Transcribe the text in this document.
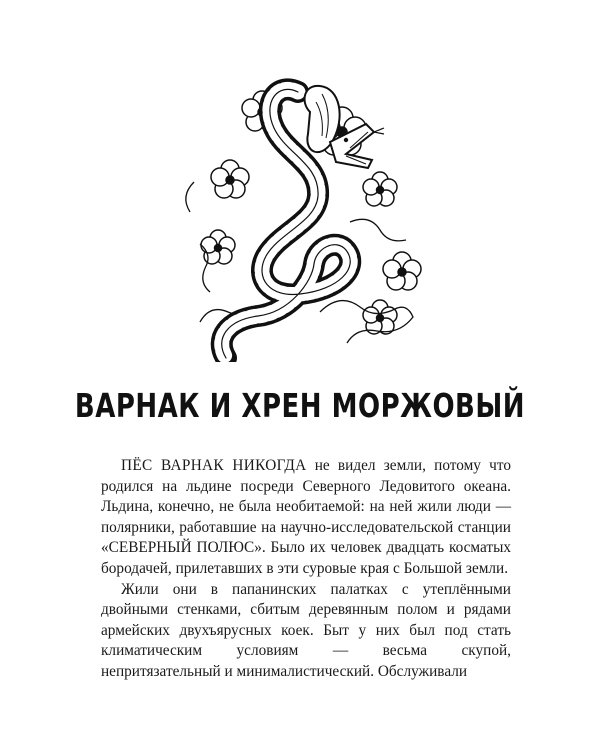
ВАРНАК И ХРЕН МОРЖОВЫЙ

ПЁС ВАРНАК НИКОГДА не видел земли, потому что родился на льдине посреди Северного Ледовитого океана. Льдина, конечно, не была необитаемой: на ней жили люди — полярники, работавшие на научно-исследовательской станции «СЕВЕРНЫЙ ПОЛЮС». Было их человек двадцать косматых бородачей, прилетавших в эти суровые края с Большой земли.

Жили они в папанинских палатках с утеплёнными двойными стенками, сбитым деревянным полом и рядами армейских двухъярусных коек. Быт у них был под стать климатическим условиям — весьма скупой, непритязательный и минималистический. Обслуживали
